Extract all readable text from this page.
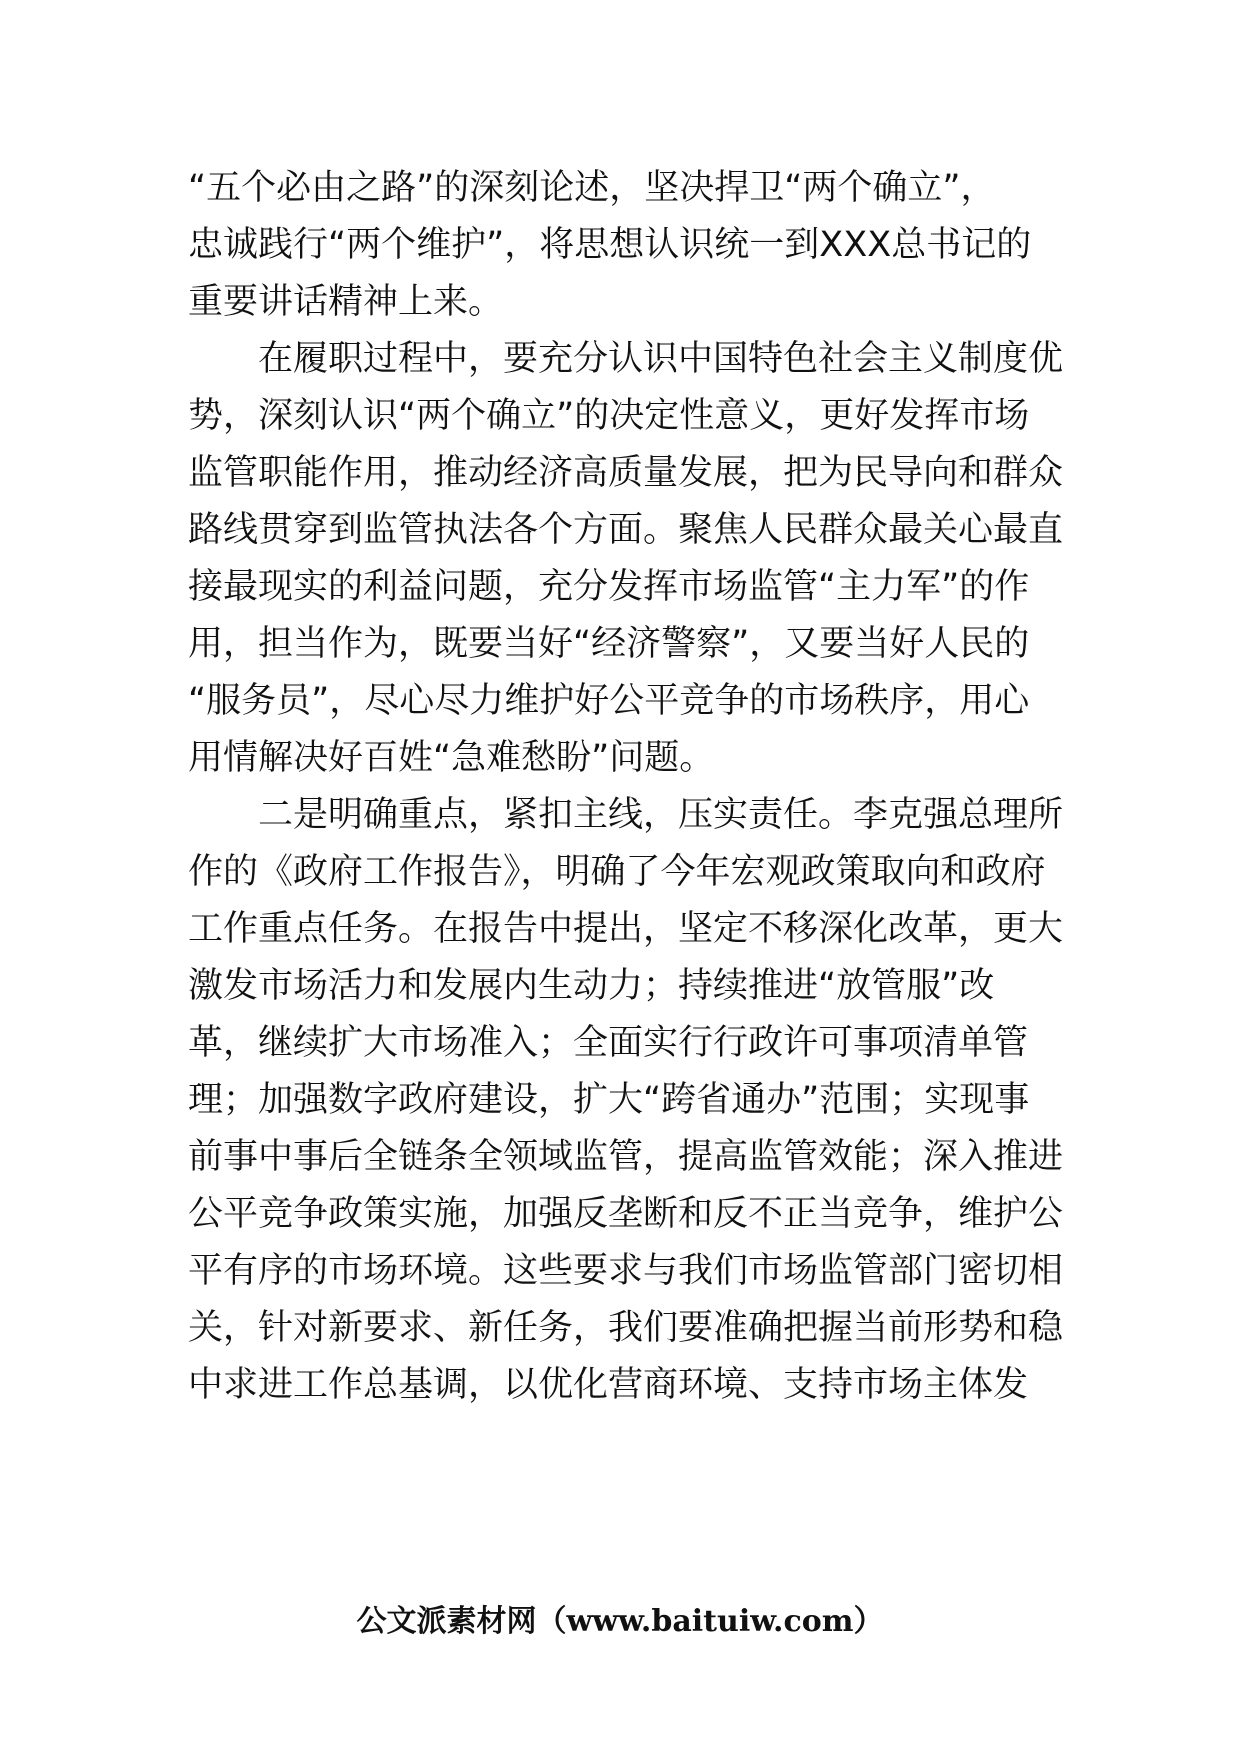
“五个必由之路”的深刻论述，坚决捍卫“两个确立”，
忠诚践行“两个维护”，将思想认识统一到XXX总书记的
重要讲话精神上来。
　　在履职过程中，要充分认识中国特色社会主义制度优
势，深刻认识“两个确立”的决定性意义，更好发挥市场
监管职能作用，推动经济高质量发展，把为民导向和群众
路线贯穿到监管执法各个方面。聚焦人民群众最关心最直
接最现实的利益问题，充分发挥市场监管“主力军”的作
用，担当作为，既要当好“经济警察”，又要当好人民的
“服务员”，尽心尽力维护好公平竞争的市场秩序，用心
用情解决好百姓“急难愁盼”问题。
　　二是明确重点，紧扣主线，压实责任。李克强总理所
作的《政府工作报告》，明确了今年宏观政策取向和政府
工作重点任务。在报告中提出，坚定不移深化改革，更大
激发市场活力和发展内生动力；持续推进“放管服”改
革，继续扩大市场准入；全面实行行政许可事项清单管
理；加强数字政府建设，扩大“跨省通办”范围；实现事
前事中事后全链条全领域监管，提高监管效能；深入推进
公平竞争政策实施，加强反垄断和反不正当竞争，维护公
平有序的市场环境。这些要求与我们市场监管部门密切相
关，针对新要求、新任务，我们要准确把握当前形势和稳
中求进工作总基调，以优化营商环境、支持市场主体发
公文派素材网（www.baituiw.com）
